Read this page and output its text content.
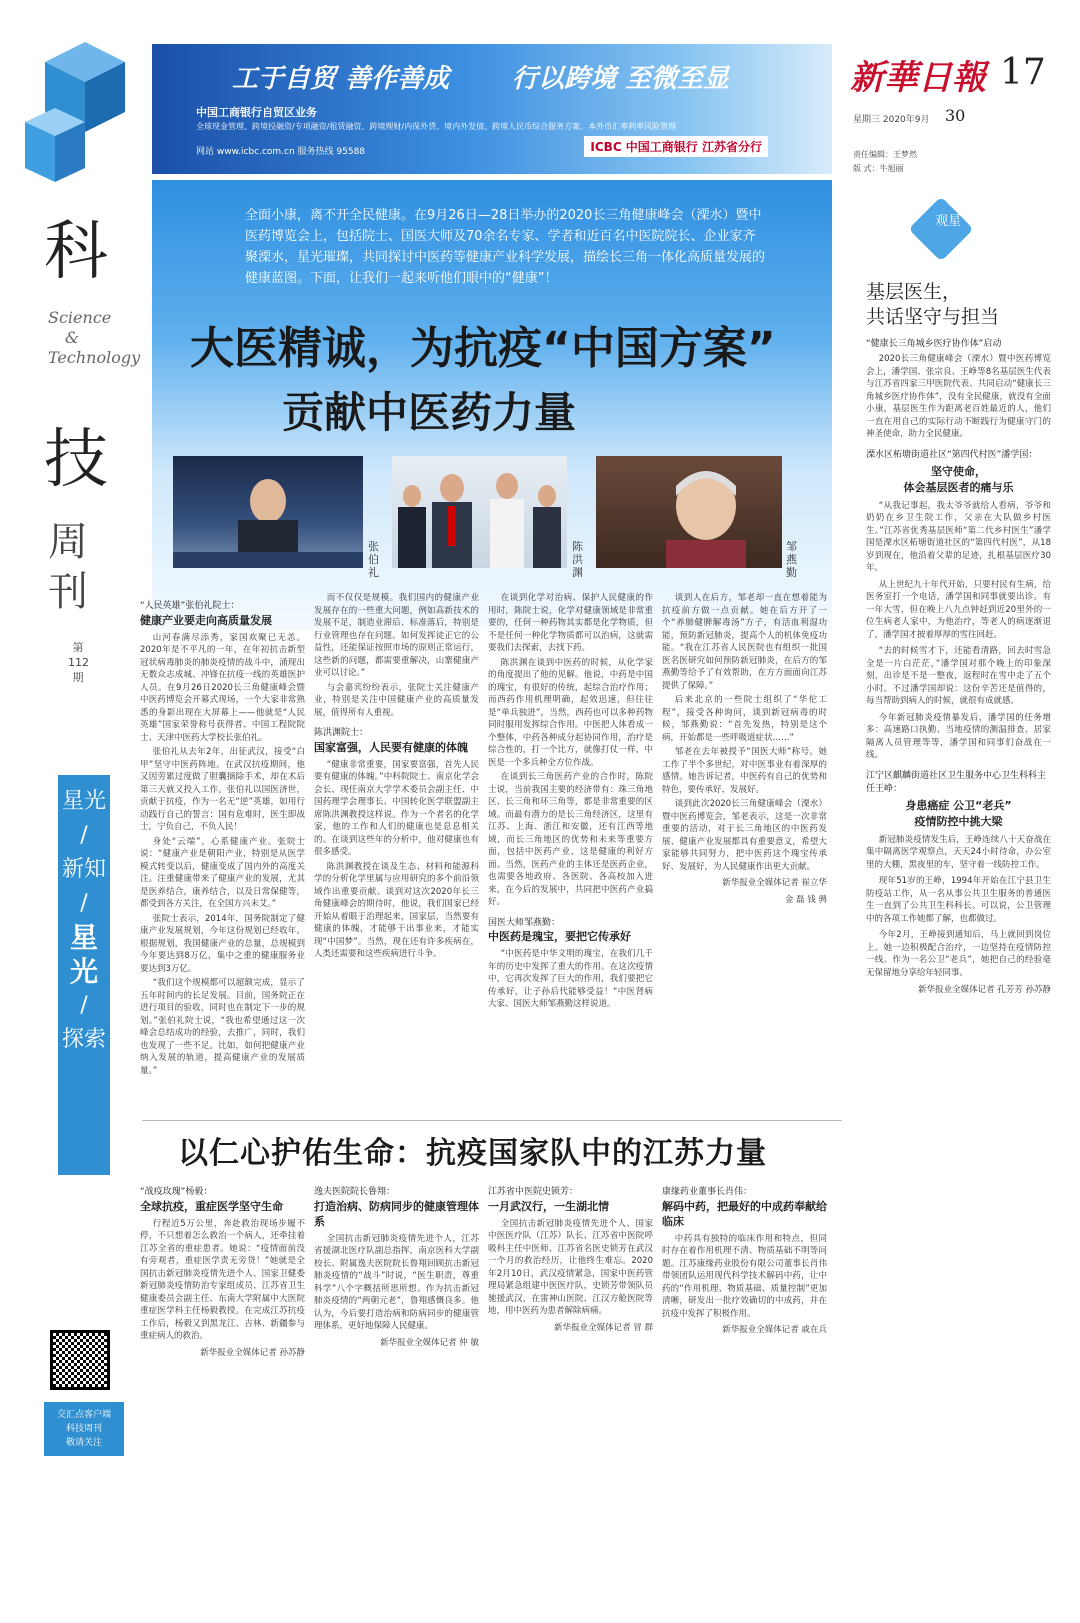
科
Science & Technology
技
周
刊
第112期
星光
/
新知
/
星光
/
探索
交汇点客户端
科技周刊
敬请关注
工于自贸 善作善成 行以跨境 至微至显
中国工商银行自贸区业务
全球现金管理、跨境投融资/专项融资/租赁融资、跨境理财/内保外贷、境内外发债、跨境人民币综合服务方案、本外币汇率利率风险管理
网站 www.icbc.com.cn 服务热线 95588	ICBC 中国工商银行 江苏省分行
新華日報 17
星期三 2020年9月 30
责任编辑：王梦然
版 式：牛旭丽
全面小康，离不开全民健康。在9月26日—28日举办的2020长三角健康峰会（溧水）暨中医药博览会上，包括院士、国医大师及70余名专家、学者和近百名中医院院长、企业家齐聚溧水，星光璀璨，共同探讨中医药等健康产业科学发展，描绘长三角一体化高质量发展的健康蓝图。下面，让我们一起来听他们眼中的“健康”！
大医精诚，为抗疫“中国方案”
贡献中医药力量
张伯礼
陈洪渊
邹燕勤
“人民英雄”张伯礼院士：
健康产业要走向高质量发展

山河春满尽添秀，家国欢聚已无恙。2020年是不平凡的一年，在年初抗击新型冠状病毒肺炎的肺炎疫情的战斗中，涌现出无数众志成城、冲锋在抗疫一线的英雄医护人员。在9月26日2020长三角健康峰会暨中医药博览会开幕式现场，一个大家非常熟悉的身影出现在大屏幕上——他就是“人民英雄”国家荣誉称号获得者、中国工程院院士、天津中医药大学校长张伯礼。

张伯礼从去年2年，出征武汉，接受“白甲”坚守中医药阵地。在武汉抗疫期间，他又因劳累过度做了胆囊摘除手术，却在术后第三天就又投入工作。张伯礼以国医济世，贡献于抗疫，作为一名无“逆”英雄，如用行动践行自己的誓言：国有危难时，医生即战士，宁负自己，不负人民！

身处“云端”，心系健康产业。张院士说：“健康产业是朝阳产业，特别是从医学模式转变以后，健康变成了国内外的高度关注。注重健康带来了健康产业的发展，尤其是医养结合，康养结合，以及日常保健等，都受到各方关注，在全国方兴未艾。”

张院士表示，2014年，国务院制定了健康产业发展规划，今年这份规划已经收年。根据规划，我国健康产业的总量，总规模到今年要达到8万亿，集中之重的健康服务业要达到3万亿。

“我们这个规模都可以超额完成，显示了五年时间内的长足发展。目前，国务院正在进行项目的验收，同时也在制定下一步的规划。”张伯礼院士说，“我也希望通过这一次峰会总结成功的经验，去推广，同时，我们也发现了一些不足。比如，如何把健康产业纳入发展的轨道，提高健康产业的发展质量。”

而不仅仅是规模。我们国内的健康产业发展存在的一些重大问题，例如高新技术的发展不足，制造业滞后、标准落后，特别是行业管理也存在问题。如何发挥徒正它的公益性，还能保证按照市场的原则正常运行，这些新的问题，都需要重解决，山寨健康产业可以讨论。”

与会嘉宾纷纷表示，张院士关注健康产业，特别是关注中国健康产业的高质量发展，值得所有人重视。

陈洪渊院士：
国家富强，人民要有健康的体魄

“健康非常重要，国家要富强，首先人民要有健康的体魄。”中科院院士、南京化学会会长、现任南京大学学术委员会副主任、中国药理学会理事长、中国转化医学联盟副主席陈洪渊教授这样说。作为一个者名的化学家，他的工作和人们的健康也是息息相关的。在谈到这些年的分析中，他对健康也有很多感受。

陈洪渊教授在谈及生态、材料和能源科学的分析化学里属与应用研究的多个前沿领域作出重要贡献。谈到对这次2020年长三角健康峰会的期待时，他说，我们国家已经开始从着眼于治理起来，国家层，当然要有健康的体魄，才能够干出事业来，才能实现“中国梦”。当然，现在还有许多疾病在，人类还需要和这些疾病进行斗争。

在谈到化学对治病、保护人民健康的作用时，陈院士说，化学对健康领域是非常重要的，任何一种药物其实都是化学物质，但不是任何一种化学物质都可以治病，这就需要我们去探索，去找下药。

陈洪渊在谈到中医药的时候，从化学家的角度提出了他的见解。他说，中药是中国的瑰宝，有很好的传统，起综合治疗作用；而西药作用机理明确，起效迅速，但往往是“单兵独进”，当然，西药也可以多种药物同时服用发挥综合作用。中医把人体看成一个整体，中药各种成分起协同作用，治疗是综合性的，打一个比方，就像打仗一样，中医是一个多兵种全方位作战。

在谈到长三角医药产业的合作时，陈院士说，当前我国主要的经济带有：珠三角地区、长三角和环三角等，都是非常重要的区域。而最有潜力的是长三角经济区，这里有江苏、上海、浙江和安徽，还有江西等地域，而长三角地区的优势和未来等重要方面，包括中医药产业，这是健康的利好方面。当然，医药产业的主体还是医药企业，也需要各地政府、各医院、各高校加入进来，在今后的发展中，共同把中医药产业搞好。

国医大师邹燕勤：
中医药是瑰宝，要把它传承好

“中医药是中华文明的瑰宝，在我们几千年的历史中发挥了重大的作用。在这次疫情中，它再次发挥了巨大的作用，我们要把它传承好，让子孙后代能够受益！”中医肾病大家、国医大师邹燕勤这样说道。

谈到人在后方，邹老却一直在想着能为抗疫前方做一点贡献。她在后方开了一个“养肺健脾解毒汤”方子，有活血利湿功能，预防新冠肺炎，提高个人的机体免疫功能。“我在江苏省人民医院也有组织一批国医名医研究如何预防新冠肺炎，在后方的邹燕勤等给予了有效帮助，在方方面面向江苏提供了保障。”

后来北京的一些院士组织了“华佗工程”，接受各种询问，谈到新冠病毒的时候，邹燕勤说：“首先发热，特别是这个病，开始都是一些呼吸道症状……”

邹老在去年被授予“国医大师”称号。她工作了半个多世纪，对中医事业有着深厚的感情。她告诉记者，中医药有自己的优势和特色，要传承好、发展好。

谈到此次2020长三角健康峰会（溧水）暨中医药博览会，邹老表示，这是一次非常重要的活动，对于长三角地区的中医药发展、健康产业发展都具有重要意义，希望大家能够共同努力，把中医药这个瑰宝传承好、发展好，为人民健康作出更大贡献。

新华报业全媒体记者 崔立华
金 磊 钱 骋
观星
基层医生，
共话坚守与担当
“健康长三角城乡医疗协作体”启动
2020长三角健康峰会（溧水）暨中医药博览会上，潘学国、张宗良、王峥等8名基层医生代表与江苏省四家三甲医院代表、共同启动“健康长三角城乡医疗协作体”，没有全民健康，就没有全面小康，基层医生作为距离老百姓最近的人，他们一直在用自己的实际行动不断践行为健康守门的神圣使命，助力全民健康。
溧水区柘塘街道社区“第四代村医”潘学国：
坚守使命，
体会基层医者的痛与乐
“从我记事起，我太爷爷就给人看病，爷爷和奶奶在乡卫生院工作，父亲在大队做乡村医生。”江苏省优秀基层医师“第二代乡村医生”潘学国是溧水区柘塘街道社区的“第四代村医”，从18岁到现在，他沿着父辈的足迹，扎根基层医疗30年。
从上世纪九十年代开始，只要村民有生病，给医务室打一个电话，潘学国和同事就要出诊。有一年大雪，但在晚上八九点钟赶到近20里外的一位生病老人家中，为他治疗，等老人的病逐渐退了，潘学国才披着厚厚的雪往回赶。
“去的时候雪才下，还能看清路，回去时雪急全是一片白茫茫，”潘学国对那个晚上的印象深刻，出诊是不是一整夜，返程时在雪中走了五个小时。不过潘学国却说：这份辛苦还是值得的，每当帮助到病人的时候，就很有成就感。
今年新冠肺炎疫情暴发后，潘学国的任务增多：高速路口执勤、当地疫情的测温排查、居家隔离人员管理等等，潘学国和同事们奋战在一线。
江宁区麒麟街道社区卫生服务中心卫生科科主任王峥：
身患癌症 公卫“老兵”
疫情防控中挑大梁
新冠肺炎疫情发生后，王峥连续八十天奋战在集中隔离医学观察点，天天24小时待命，办公室里的大棚，黑夜里的车，坚守着一线防控工作。
现年51岁的王峥，1994年开始在江宁县卫生防疫站工作，从一名从事公共卫生服务的普通医生一直到了公共卫生科科长。可以说，公卫管理中的各项工作她都了解，也都做过。
今年2月，王峥接到通知后，马上就回到岗位上。她一边积极配合治疗，一边坚持在疫情防控一线。作为一名公卫“老兵”，她把自己的经验毫无保留地分享给年轻同事。
新华报业全媒体记者 孔芳芳 孙苏静
以仁心护佑生命：抗疫国家队中的江苏力量
“战疫玫瑰”杨毅：
全球抗疫，重症医学坚守生命

行程近5万公里，奔赴救治现场步履不停，不只想着怎么救治一个病人，还牵挂着江苏全省的重症患者。她说：“疫情面前没有旁观者，重症医学责无旁贷！”她就是全国抗击新冠肺炎疫情先进个人、国家卫健委新冠肺炎疫情防治专家组成员、江苏省卫生健康委员会副主任、东南大学附属中大医院重症医学科主任杨毅教授。在完成江苏抗疫工作后，杨毅又到黑龙江、吉林、新疆参与重症病人的救治。

新华报业全媒体记者 孙苏静
逸夫医院院长鲁翔：
打造治病、防病同步的健康管理体系

全国抗击新冠肺炎疫情先进个人，江苏省援湖北医疗队副总指挥，南京医科大学副校长、附属逸夫医院院长鲁翔回顾抗击新冠肺炎疫情的“战斗”时说，“医生职责，尊重科学”八个字概括所思所想。作为抗击新冠肺炎疫情的“两朝元老”，鲁翔感慨良多。他认为，今后要打造治病和防病同步的健康管理体系，更好地保障人民健康。

新华报业全媒体记者 仲 敏
江苏省中医院史锁芳：
一月武汉行，一生湖北情

全国抗击新冠肺炎疫情先进个人、国家中医医疗队（江苏）队长、江苏省中医院呼吸科主任中医师、江苏省名医史锁芳在武汉一个月的救治经历，让他终生难忘。2020年2月10日，武汉疫情紧急，国家中医药管理局紧急组建中医医疗队，史锁芳带领队员驰援武汉，在雷神山医院、江汉方舱医院等地，用中医药为患者解除病痛。

新华报业全媒体记者 冒 群
康缘药业董事长肖伟：
解码中药，把最好的中成药奉献给临床

中药具有独特的临床作用和特点，但同时存在着作用机理不清、物质基础不明等问题。江苏康缘药业股份有限公司董事长肖伟带领团队运用现代科学技术解码中药，让中药的“作用机理、物质基础、质量控制”更加清晰，研发出一批疗效确切的中成药，并在抗疫中发挥了积极作用。

新华报业全媒体记者 戚在兵
